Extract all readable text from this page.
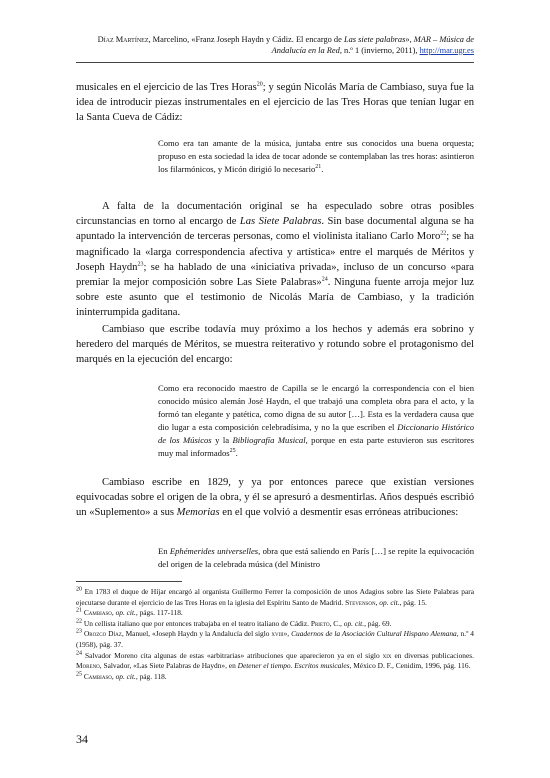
Díaz Martínez, Marcelino, «Franz Joseph Haydn y Cádiz. El encargo de Las siete palabras», MAR – Música de Andalucía en la Red, n.º 1 (invierno, 2011), http://mar.ugr.es

musicales en el ejercicio de las Tres Horas$^{20}$; y según Nicolás María de Cambiaso, suya fue la idea de introducir piezas instrumentales en el ejercicio de las Tres Horas que tenían lugar en la Santa Cueva de Cádiz:

Como era tan amante de la música, juntaba entre sus conocidos una buena orquesta; propuso en esta sociedad la idea de tocar adonde se contemplaban las tres horas: asintieron los filarmónicos, y Micón dirigió lo necesario$^{21}$.

A falta de la documentación original se ha especulado sobre otras posibles circunstancias en torno al encargo de Las Siete Palabras. Sin base documental alguna se ha apuntado la intervención de terceras personas, como el violinista italiano Carlo Moro$^{22}$; se ha magnificado la «larga correspondencia afectiva y artística» entre el marqués de Méritos y Joseph Haydn$^{23}$; se ha hablado de una «iniciativa privada», incluso de un concurso «para premiar la mejor composición sobre Las Siete Palabras»$^{24}$. Ninguna fuente arroja mejor luz sobre este asunto que el testimonio de Nicolás María de Cambiaso, y la tradición ininterrumpida gaditana.

Cambiaso que escribe todavía muy próximo a los hechos y además era sobrino y heredero del marqués de Méritos, se muestra reiterativo y rotundo sobre el protagonismo del marqués en la ejecución del encargo:

Como era reconocido maestro de Capilla se le encargó la correspondencia con el bien conocido músico alemán José Haydn, el que trabajó una completa obra para el acto, y la formó tan elegante y patética, como digna de su autor […]. Esta es la verdadera causa que dio lugar a esta composición celebradísima, y no la que escriben el Diccionario Histórico de los Músicos y la Bibliografía Musical, porque en esta parte estuvieron sus escritores muy mal informados$^{25}$.

Cambiaso escribe en 1829, y ya por entonces parece que existían versiones equivocadas sobre el origen de la obra, y él se apresuró a desmentirlas. Años después escribió un «Suplemento» a sus Memorias en el que volvió a desmentir esas erróneas atribuciones:

En Ephémerides universelles, obra que está saliendo en París […] se repite la equivocación del origen de la celebrada música (del Ministro

$^{20}$ En 1783 el duque de Híjar encargó al organista Guillermo Ferrer la composición de unos Adagios sobre las Siete Palabras para ejecutarse durante el ejercicio de las Tres Horas en la iglesia del Espíritu Santo de Madrid. Stevenson, op. cit., pág. 15.

$^{21}$ Cambiaso, op. cit., págs. 117-118.

$^{22}$ Un cellista italiano que por entonces trabajaba en el teatro italiano de Cádiz. Prieto, C., op. cit., pág. 69.

$^{23}$ Orozco Díaz, Manuel, «Joseph Haydn y la Andalucía del siglo xviii», Cuadernos de la Asociación Cultural Hispano Alemana, n.º 4 (1958), pág. 37.

$^{24}$ Salvador Moreno cita algunas de estas «arbitrarias» atribuciones que aparecieron ya en el siglo xix en diversas publicaciones. Moreno, Salvador, «Las Siete Palabras de Haydn», en Detener el tiempo. Escritos musicales, México D. F., Cenidim, 1996, pág. 116.

$^{25}$ Cambiaso, op. cit., pág. 118.

34
